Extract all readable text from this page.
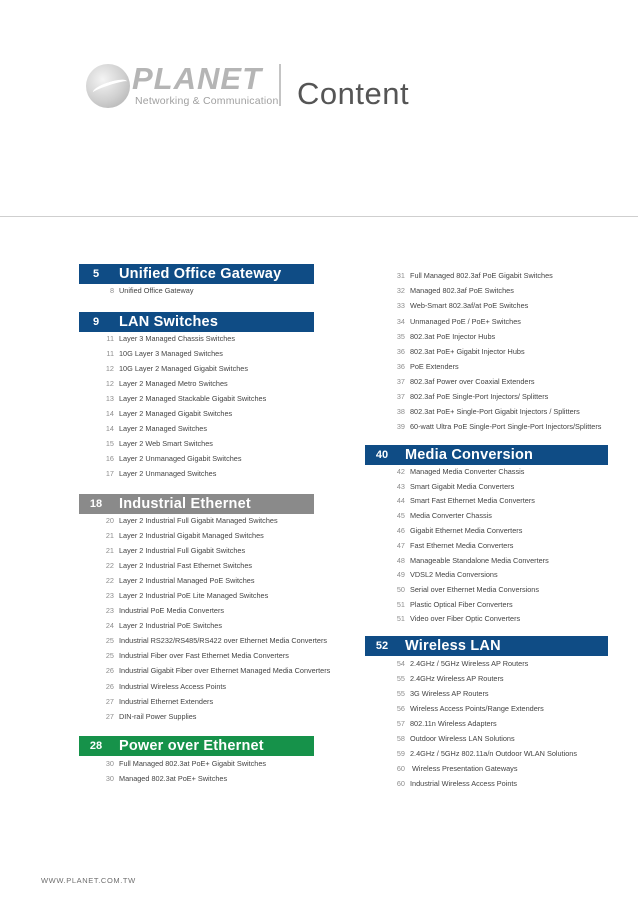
PLANET
Networking & Communication Content
5	Unified Office Gateway
8 Unified Office Gateway
9	LAN Switches
11 Layer 3 Managed Chassis Switches
11 10G Layer 3 Managed Switches
12 10G Layer 2 Managed Gigabit Switches
12 Layer 2 Managed Metro Switches
13 Layer 2 Managed Stackable Gigabit Switches
14 Layer 2 Managed Gigabit Switches
14 Layer 2 Managed Switches
15 Layer 2 Web Smart Switches
16 Layer 2 Unmanaged Gigabit Switches
17 Layer 2 Unmanaged Switches
18	Industrial Ethernet
20 Layer 2 Industrial Full Gigabit Managed Switches
21 Layer 2 Industrial Gigabit Managed Switches
21 Layer 2 Industrial Full Gigabit Switches
22 Layer 2 Industrial Fast Ethernet Switches
22 Layer 2 Industrial Managed PoE Switches
23 Layer 2 Industrial PoE Lite Managed Switches
23 Industrial PoE Media Converters
24 Layer 2 Industrial PoE Switches
25 Industrial RS232/RS485/RS422 over Ethernet Media Converters
25 Industrial Fiber over Fast Ethernet Media Converters
26 Industrial Gigabit Fiber over Ethernet Managed Media Converters
26 Industrial Wireless Access Points
27 Industrial Ethernet Extenders
27 DIN-rail Power Supplies
28	Power over Ethernet
30 Full Managed 802.3at PoE+ Gigabit Switches
30 Managed 802.3at PoE+ Switches
31 Full Managed 802.3af PoE Gigabit Switches
32 Managed 802.3af PoE Switches
33 Web-Smart 802.3af/at PoE Switches
34 Unmanaged PoE / PoE+ Switches
35 802.3at PoE Injector Hubs
36 802.3at PoE+ Gigabit Injector Hubs
36 PoE Extenders
37 802.3af Power over Coaxial Extenders
37 802.3af PoE Single-Port Injectors/ Splitters
38 802.3at PoE+ Single-Port Gigabit Injectors / Splitters
39 60-watt Ultra PoE Single-Port Single-Port Injectors/Splitters
40	Media Conversion
42 Managed Media Converter Chassis
43 Smart Gigabit Media Converters
44 Smart Fast Ethernet Media Converters
45 Media Converter Chassis
46 Gigabit Ethernet Media Converters
47 Fast Ethernet Media Converters
48 Manageable Standalone Media Converters
49 VDSL2 Media Conversions
50 Serial over Ethernet Media Conversions
51 Plastic Optical Fiber Converters
51 Video over Fiber Optic Converters
52	Wireless LAN
54 2.4GHz / 5GHz Wireless AP Routers
55 2.4GHz Wireless AP Routers
55 3G Wireless AP Routers
56 Wireless Access Points/Range Extenders
57 802.11n Wireless Adapters
58 Outdoor Wireless LAN Solutions
59 2.4GHz / 5GHz 802.11a/n Outdoor WLAN Solutions
60 Wireless Presentation Gateways
60 Industrial Wireless Access Points
WWW.PLANET.COM.TW
